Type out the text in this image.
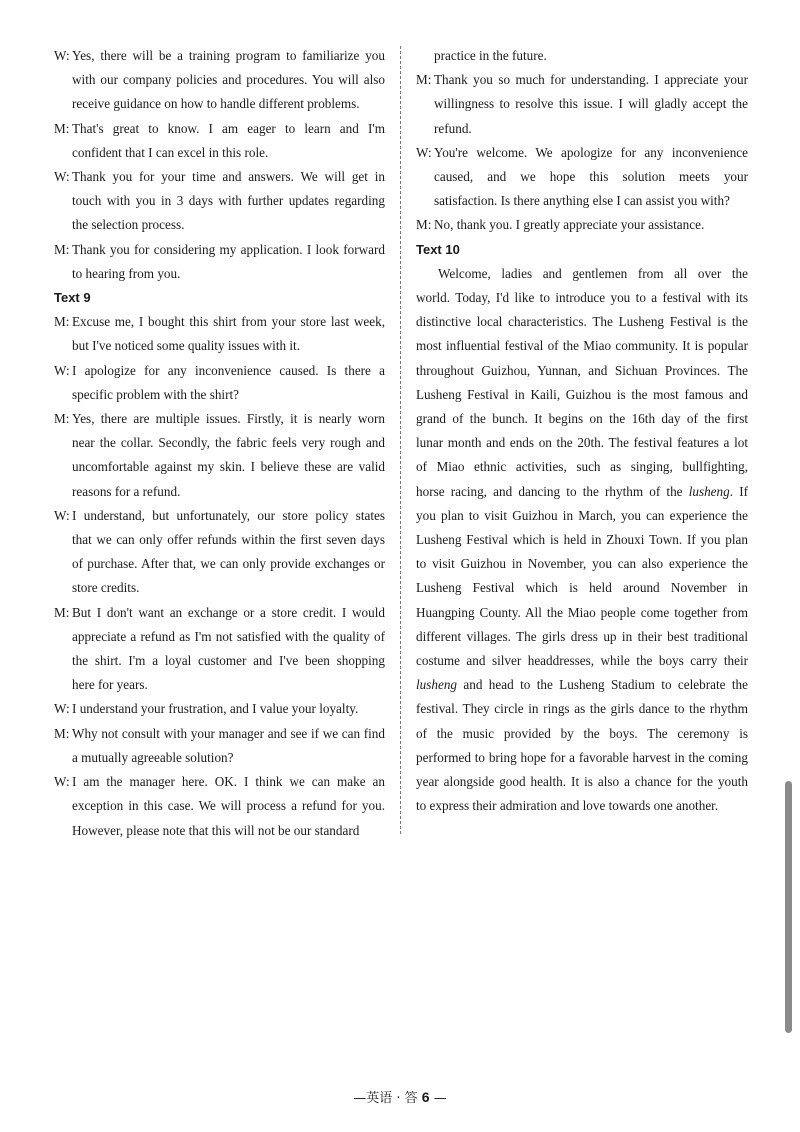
W: Yes, there will be a training program to familiarize you
with our company policies and procedures. You will also
receive guidance on how to handle different problems.
M: That's great to know. I am eager to learn and I'm
confident that I can excel in this role.
W: Thank you for your time and answers. We will get in
touch with you in 3 days with further updates regarding
the selection process.
M: Thank you for considering my application. I look forward
to hearing from you.
Text 9
M: Excuse me, I bought this shirt from your store last week,
but I've noticed some quality issues with it.
W: I apologize for any inconvenience caused. Is there a
specific problem with the shirt?
M: Yes, there are multiple issues. Firstly, it is nearly worn
near the collar. Secondly, the fabric feels very rough and
uncomfortable against my skin. I believe these are valid
reasons for a refund.
W: I understand, but unfortunately, our store policy states
that we can only offer refunds within the first seven days
of purchase. After that, we can only provide exchanges or
store credits.
M: But I don't want an exchange or a store credit. I would
appreciate a refund as I'm not satisfied with the quality of
the shirt. I'm a loyal customer and I've been shopping
here for years.
W: I understand your frustration, and I value your loyalty.
M: Why not consult with your manager and see if we can find
a mutually agreeable solution?
W: I am the manager here. OK. I think we can make an
exception in this case. We will process a refund for you.
However, please note that this will not be our standard
practice in the future.
M: Thank you so much for understanding. I appreciate your
willingness to resolve this issue. I will gladly accept the
refund.
W: You're welcome. We apologize for any inconvenience
caused, and we hope this solution meets your
satisfaction. Is there anything else I can assist you with?
M: No, thank you. I greatly appreciate your assistance.
Text 10
Welcome, ladies and gentlemen from all over the
world. Today, I'd like to introduce you to a festival with its
distinctive local characteristics. The Lusheng Festival is the
most influential festival of the Miao community. It is popular
throughout Guizhou, Yunnan, and Sichuan Provinces. The
Lusheng Festival in Kaili, Guizhou is the most famous and
grand of the bunch. It begins on the 16th day of the first
lunar month and ends on the 20th. The festival features a lot
of Miao ethnic activities, such as singing, bullfighting,
horse racing, and dancing to the rhythm of the lusheng. If
you plan to visit Guizhou in March, you can experience the
Lusheng Festival which is held in Zhouxi Town. If you plan
to visit Guizhou in November, you can also experience the
Lusheng Festival which is held around November in
Huangping County. All the Miao people come together from
different villages. The girls dress up in their best traditional
costume and silver headdresses, while the boys carry their
lusheng and head to the Lusheng Stadium to celebrate the
festival. They circle in rings as the girls dance to the rhythm
of the music provided by the boys. The ceremony is
performed to bring hope for a favorable harvest in the coming
year alongside good health. It is also a chance for the youth
to express their admiration and love towards one another.
—英语 · 答 6 —
